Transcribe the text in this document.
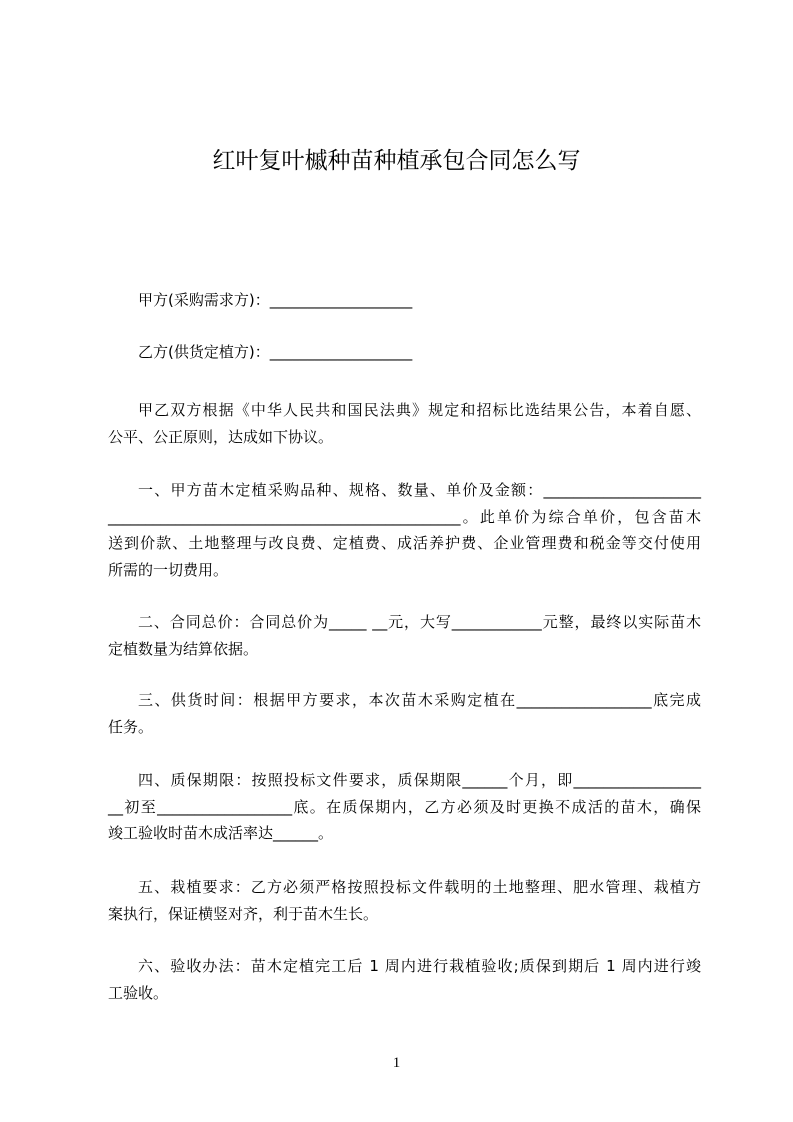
红叶复叶槭种苗种植承包合同怎么写
甲方(采购需求方)：___________________
乙方(供货定植方)：___________________
甲乙双方根据《中华人民共和国民法典》规定和招标比选结果公告，本着自愿、
公平、公正原则，达成如下协议。
一、甲方苗木定植采购品种、规格、数量、单价及金额：_____________________
_______________________________________________。此单价为综合单价，包含苗木
送到价款、土地整理与改良费、定植费、成活养护费、企业管理费和税金等交付使用
所需的一切费用。
二、合同总价：合同总价为_____ __元，大写____________元整，最终以实际苗木
定植数量为结算依据。
三、供货时间：根据甲方要求，本次苗木采购定植在__________________底完成
任务。
四、质保期限：按照投标文件要求，质保期限______个月，即_________________
__初至__________________底。在质保期内，乙方必须及时更换不成活的苗木，确保
竣工验收时苗木成活率达______。
五、栽植要求：乙方必须严格按照投标文件载明的土地整理、肥水管理、栽植方
案执行，保证横竖对齐，利于苗木生长。
六、验收办法：苗木定植完工后 1 周内进行栽植验收;质保到期后 1 周内进行竣
工验收。
1
